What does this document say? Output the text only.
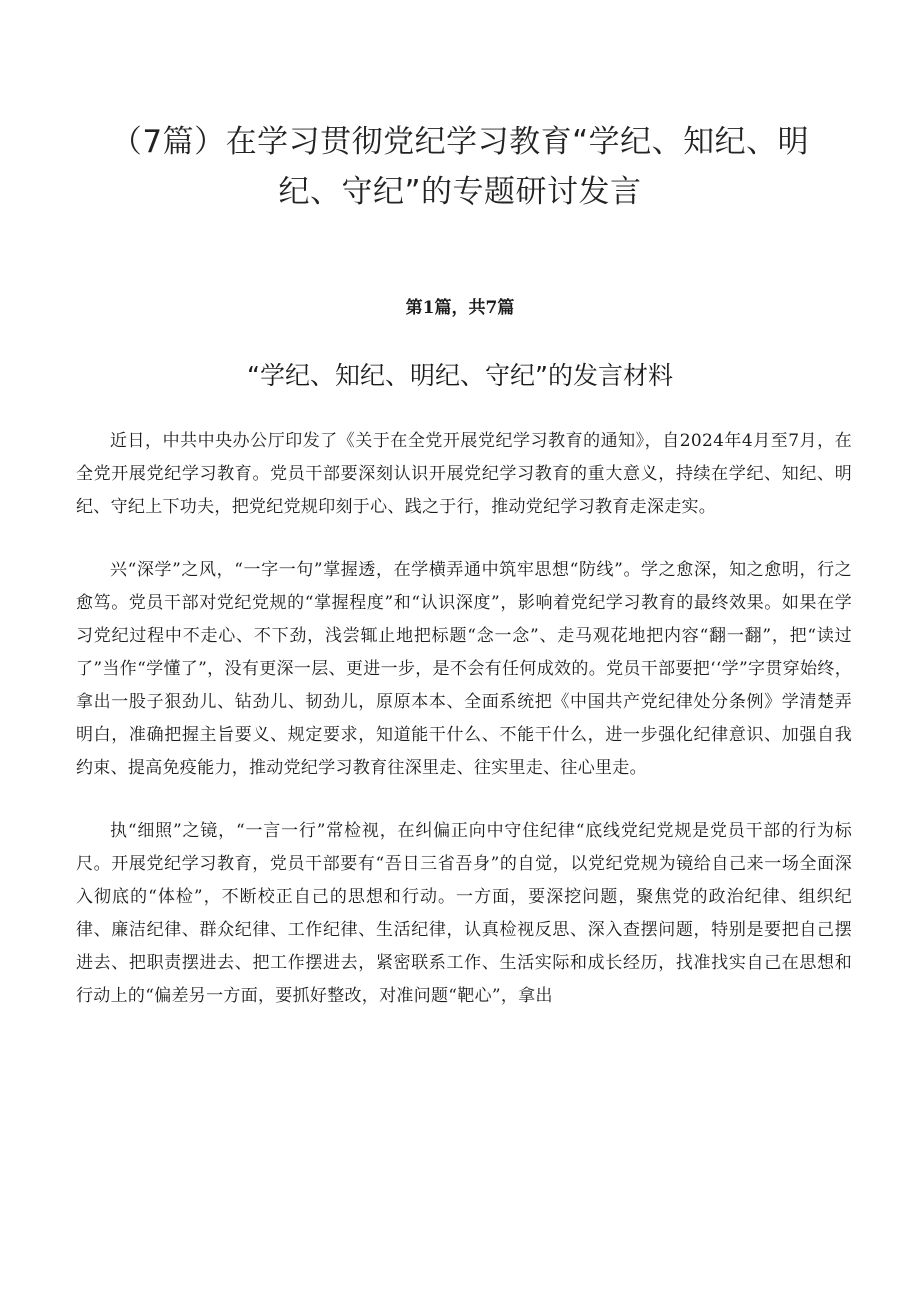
（7篇）在学习贯彻党纪学习教育“学纪、知纪、明纪、守纪”的专题研讨发言
第1篇，共7篇
“学纪、知纪、明纪、守纪”的发言材料

近日，中共中央办公厅印发了《关于在全党开展党纪学习教育的通知》，自2024年4月至7月，在全党开展党纪学习教育。党员干部要深刻认识开展党纪学习教育的重大意义，持续在学纪、知纪、明纪、守纪上下功夫，把党纪党规印刻于心、践之于行，推动党纪学习教育走深走实。

兴“深学”之风，“一字一句”掌握透，在学横弄通中筑牢思想“防线”。学之愈深，知之愈明，行之愈笃。党员干部对党纪党规的“掌握程度”和“认识深度”，影响着党纪学习教育的最终效果。如果在学习党纪过程中不走心、不下劲，浅尝辄止地把标题“念一念”、走马观花地把内容“翻一翻”，把“读过了”当作“学懂了”，没有更深一层、更进一步，是不会有任何成效的。党员干部要把‘‘学”字贯穿始终，拿出一股子狠劲儿、钻劲儿、韧劲儿，原原本本、全面系统把《中国共产党纪律处分条例》学清楚弄明白，准确把握主旨要义、规定要求，知道能干什么、不能干什么，进一步强化纪律意识、加强自我约束、提高免疫能力，推动党纪学习教育往深里走、往实里走、往心里走。

执“细照”之镜，“一言一行”常检视，在纠偏正向中守住纪律“底线党纪党规是党员干部的行为标尺。开展党纪学习教育，党员干部要有“吾日三省吾身”的自觉，以党纪党规为镜给自己来一场全面深入彻底的“体检”，不断校正自己的思想和行动。一方面，要深挖问题，聚焦党的政治纪律、组织纪律、廉洁纪律、群众纪律、工作纪律、生活纪律，认真检视反思、深入查摆问题，特别是要把自己摆进去、把职责摆进去、把工作摆进去，紧密联系工作、生活实际和成长经历，找准找实自己在思想和行动上的“偏差另一方面，要抓好整改，对准问题“靶心”，拿出
